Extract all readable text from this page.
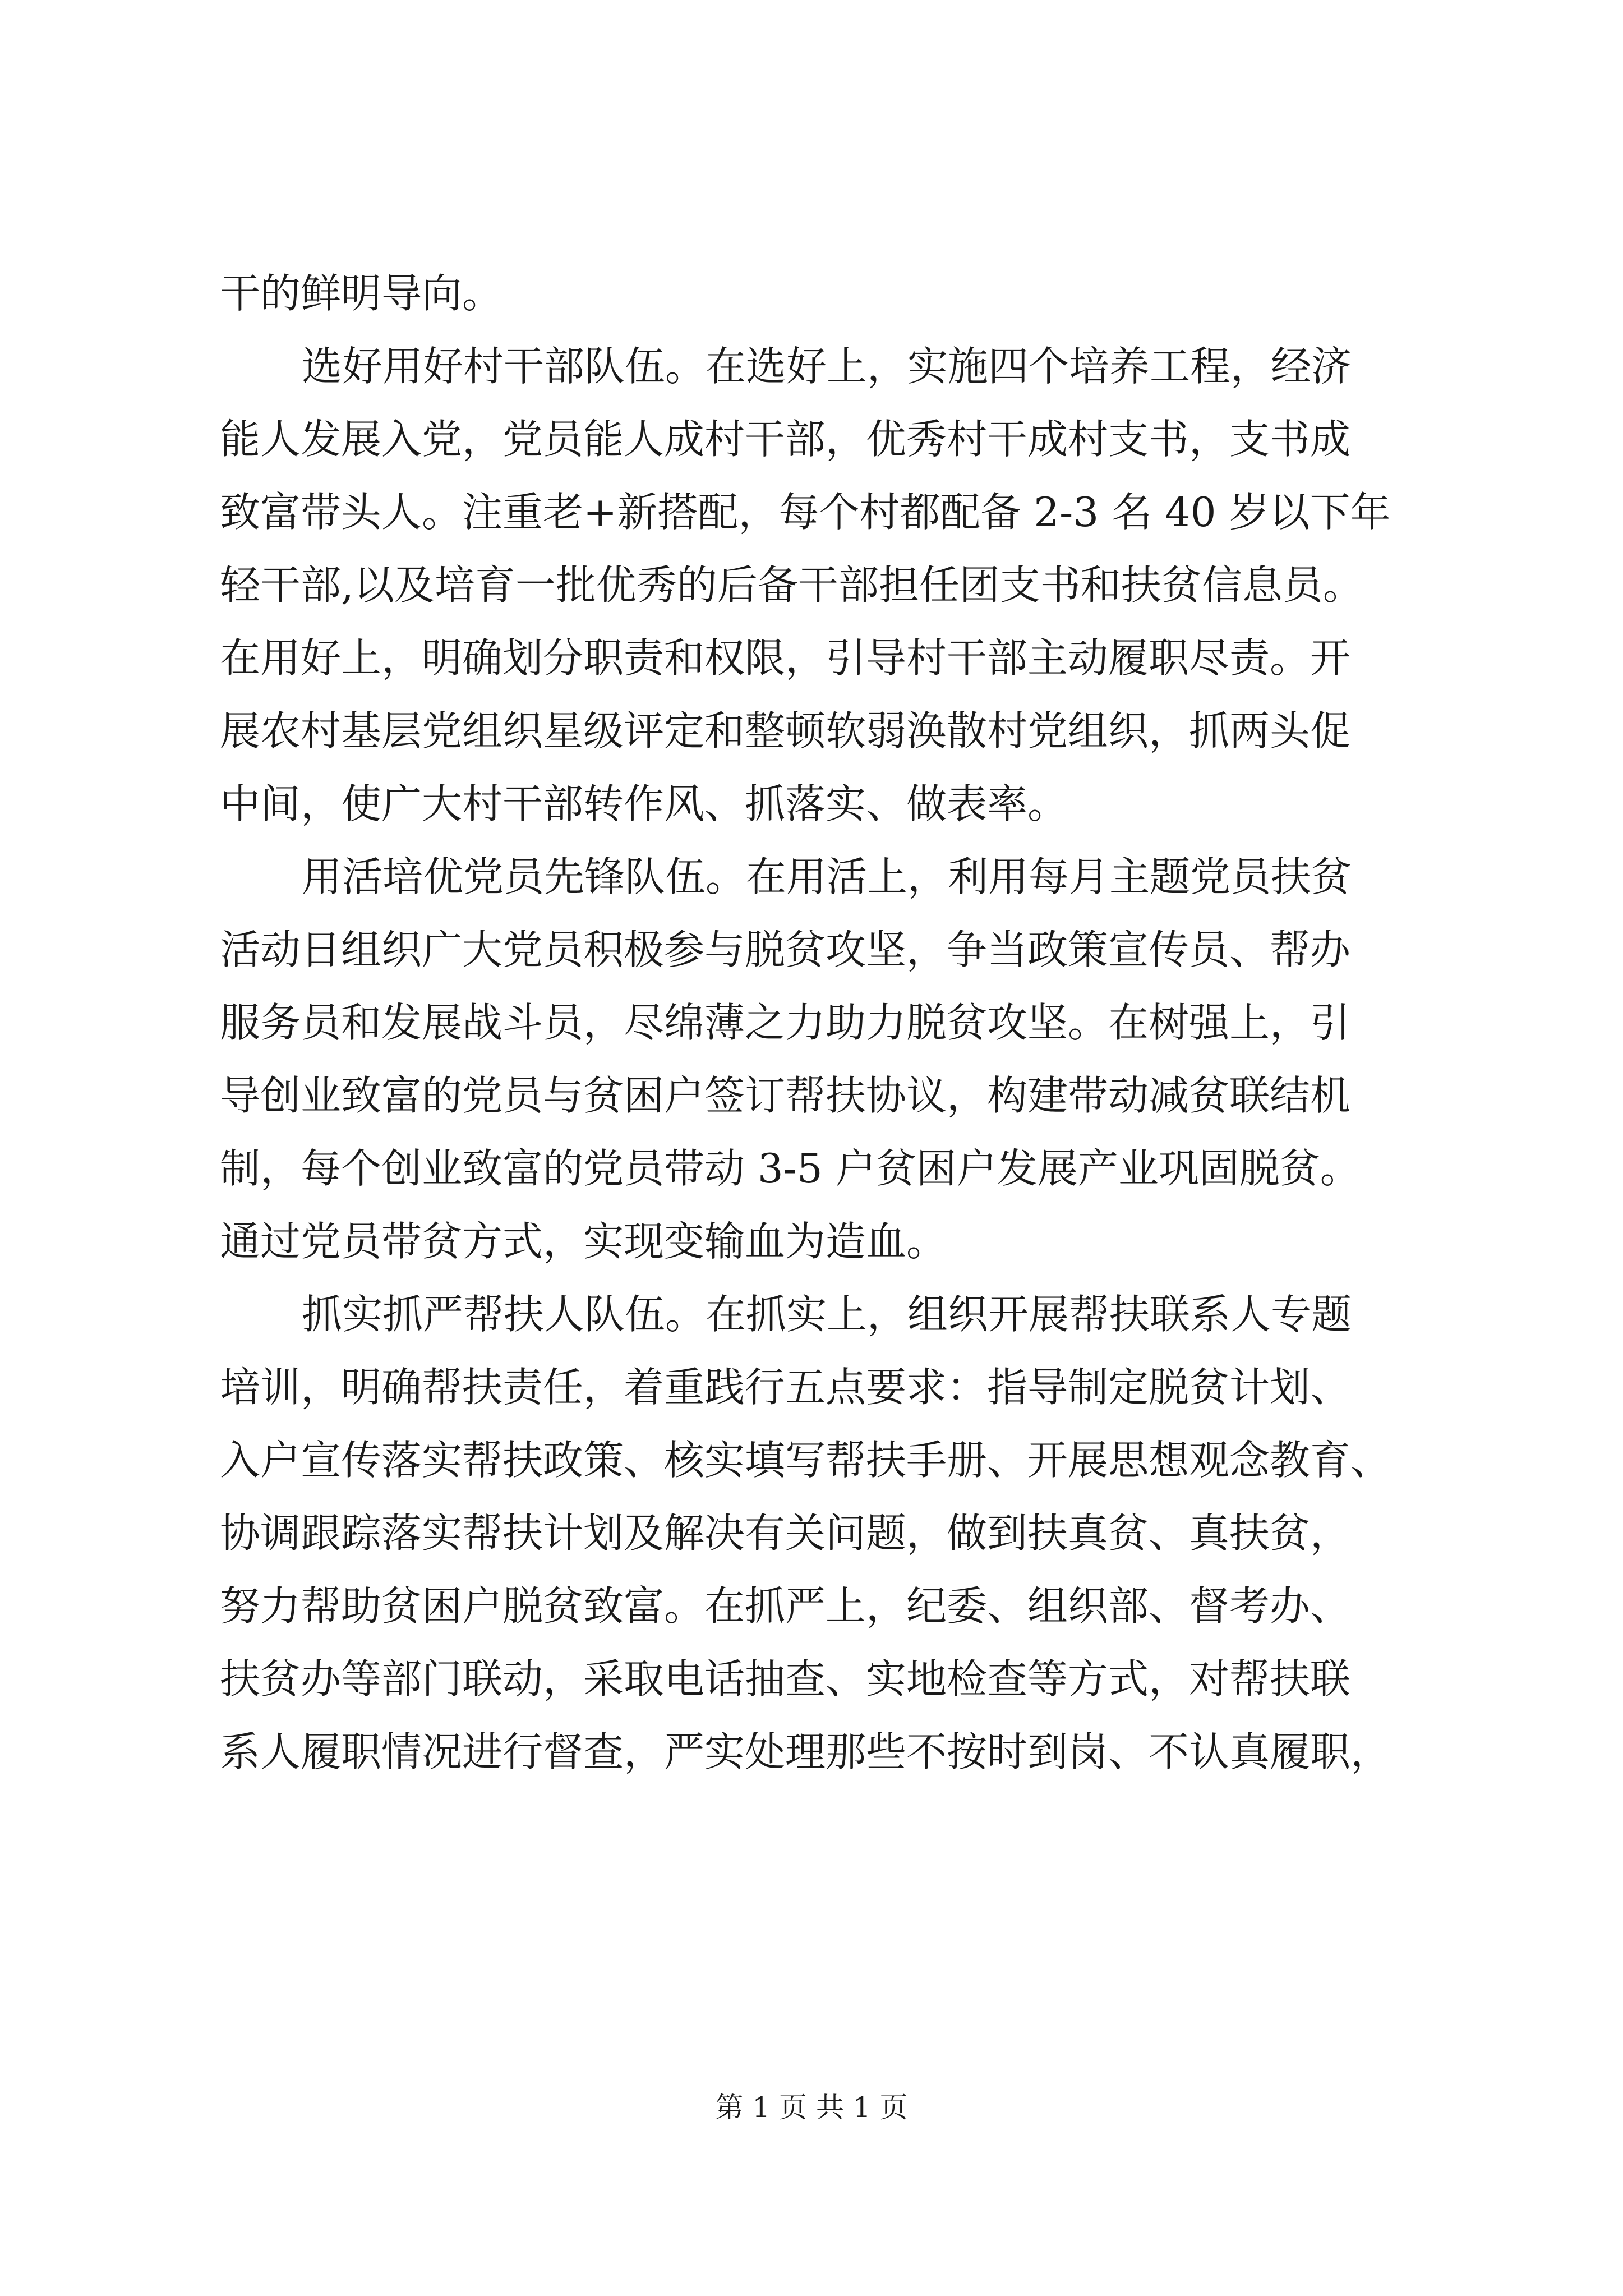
干的鲜明导向。
选好用好村干部队伍。在选好上，实施四个培养工程，经济
能人发展入党，党员能人成村干部，优秀村干成村支书，支书成
致富带头人。注重老+新搭配，每个村都配备 2-3 名 40 岁以下年
轻干部,以及培育一批优秀的后备干部担任团支书和扶贫信息员。
在用好上，明确划分职责和权限，引导村干部主动履职尽责。开
展农村基层党组织星级评定和整顿软弱涣散村党组织，抓两头促
中间，使广大村干部转作风、抓落实、做表率。
用活培优党员先锋队伍。在用活上，利用每月主题党员扶贫
活动日组织广大党员积极参与脱贫攻坚，争当政策宣传员、帮办
服务员和发展战斗员，尽绵薄之力助力脱贫攻坚。在树强上，引
导创业致富的党员与贫困户签订帮扶协议，构建带动减贫联结机
制，每个创业致富的党员带动 3-5 户贫困户发展产业巩固脱贫。
通过党员带贫方式，实现变输血为造血。
抓实抓严帮扶人队伍。在抓实上，组织开展帮扶联系人专题
培训，明确帮扶责任，着重践行五点要求：指导制定脱贫计划、
入户宣传落实帮扶政策、核实填写帮扶手册、开展思想观念教育、
协调跟踪落实帮扶计划及解决有关问题，做到扶真贫、真扶贫，
努力帮助贫困户脱贫致富。在抓严上，纪委、组织部、督考办、
扶贫办等部门联动，采取电话抽查、实地检查等方式，对帮扶联
系人履职情况进行督查，严实处理那些不按时到岗、不认真履职，
第 1 页 共 1 页
